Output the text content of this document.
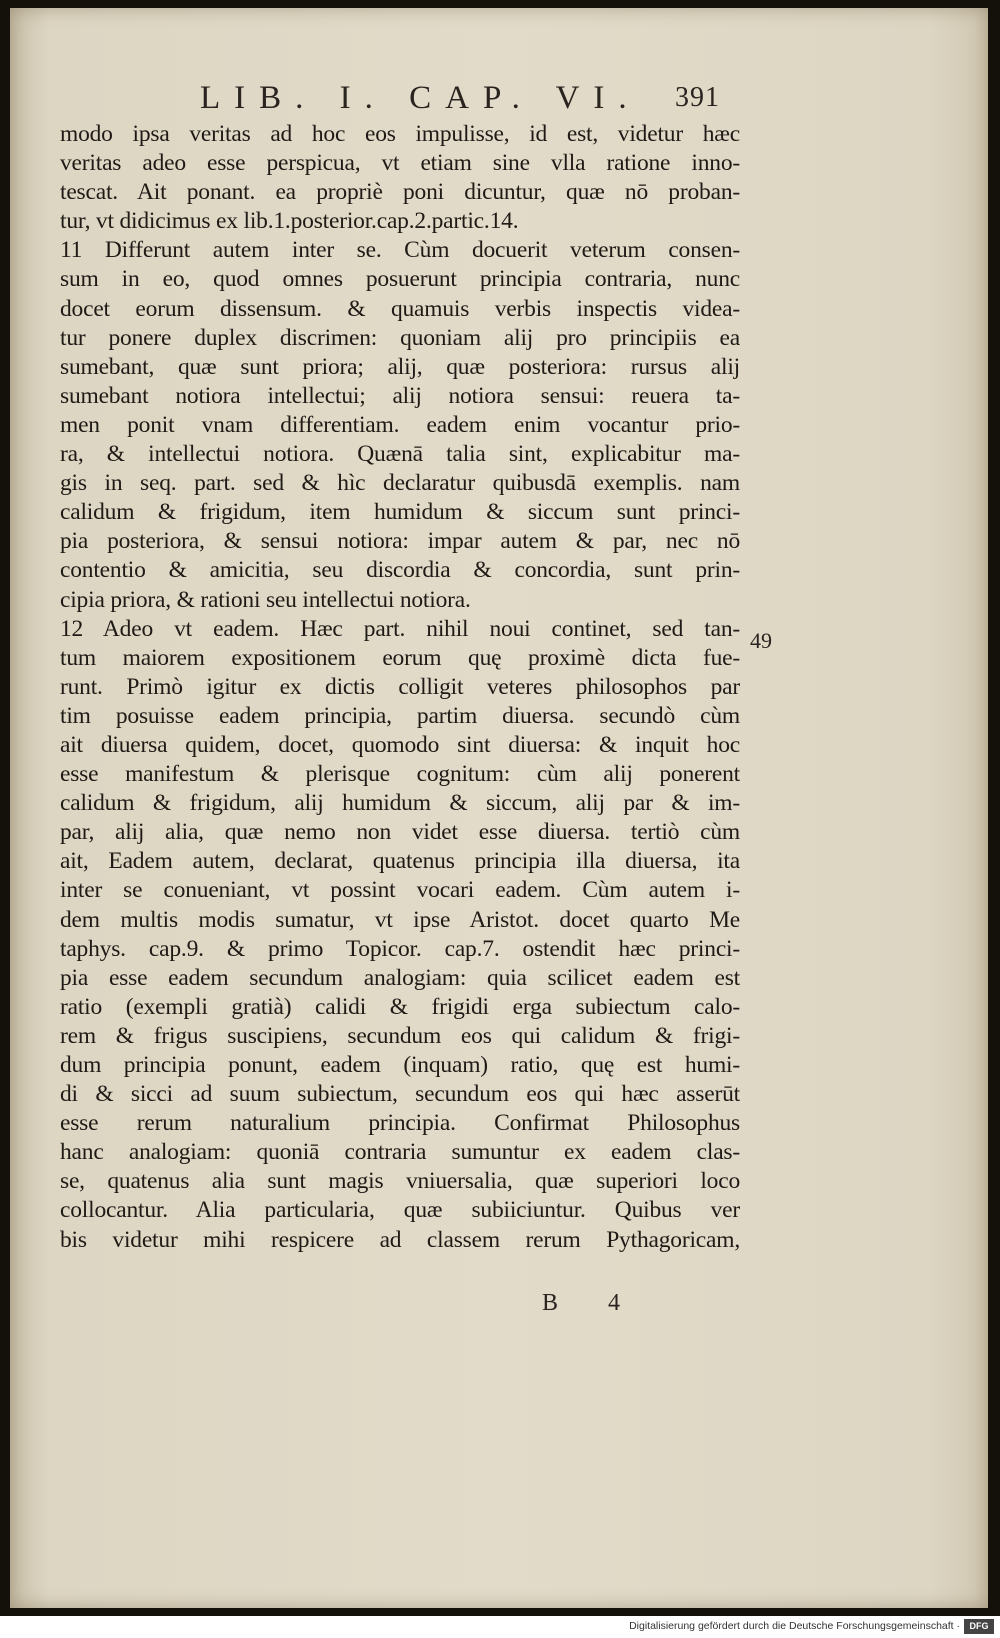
LIB. I. CAP. VI. 391
modo ipsa veritas ad hoc eos impulisse, id est, videtur hæc
veritas adeo esse perspicua, vt etiam sine vlla ratione inno-
tescat. Ait ponant. ea propriè poni dicuntur, quæ nō proban-
tur, vt didicimus ex lib.1.posterior.cap.2.partic.14.
11 Differunt autem inter se. Cùm docuerit veterum consen-
sum in eo, quod omnes posuerunt principia contraria, nunc
docet eorum dissensum. & quamuis verbis inspectis videa-
tur ponere duplex discrimen: quoniam alij pro principiis ea
sumebant, quæ sunt priora; alij, quæ posteriora: rursus alij
sumebant notiora intellectui; alij notiora sensui: reuera ta-
men ponit vnam differentiam. eadem enim vocantur prio-
ra, & intellectui notiora. Quænā talia sint, explicabitur ma-
gis in seq. part. sed & hìc declaratur quibusdā exemplis. nam
calidum & frigidum, item humidum & siccum sunt princi-
pia posteriora, & sensui notiora: impar autem & par, nec nō
contentio & amicitia, seu discordia & concordia, sunt prin-
cipia priora, & rationi seu intellectui notiora.
12 Adeo vt eadem. Hæc part. nihil noui continet, sed tan-
tum maiorem expositionem eorum quę proximè dicta fue-
runt. Primò igitur ex dictis colligit veteres philosophos par
tim posuisse eadem principia, partim diuersa. secundò cùm
ait diuersa quidem, docet, quomodo sint diuersa: & inquit hoc
esse manifestum & plerisque cognitum: cùm alij ponerent
calidum & frigidum, alij humidum & siccum, alij par & im-
par, alij alia, quæ nemo non videt esse diuersa. tertiò cùm
ait, Eadem autem, declarat, quatenus principia illa diuersa, ita
inter se conueniant, vt possint vocari eadem. Cùm autem i-
dem multis modis sumatur, vt ipse Aristot. docet quarto Me
taphys. cap.9. & primo Topicor. cap.7. ostendit hæc princi-
pia esse eadem secundum analogiam: quia scilicet eadem est
ratio (exempli gratià) calidi & frigidi erga subiectum calo-
rem & frigus suscipiens, secundum eos qui calidum & frigi-
dum principia ponunt, eadem (inquam) ratio, quę est humi-
di & sicci ad suum subiectum, secundum eos qui hæc asserūt
esse rerum naturalium principia. Confirmat Philosophus
hanc analogiam: quoniā contraria sumuntur ex eadem clas-
se, quatenus alia sunt magis vniuersalia, quæ superiori loco
collocantur. Alia particularia, quæ subiiciuntur. Quibus ver
bis videtur mihi respicere ad classem rerum Pythagoricam,
49
B 4
Digitalisierung gefördert durch die Deutsche Forschungsgemeinschaft ·	DFG
